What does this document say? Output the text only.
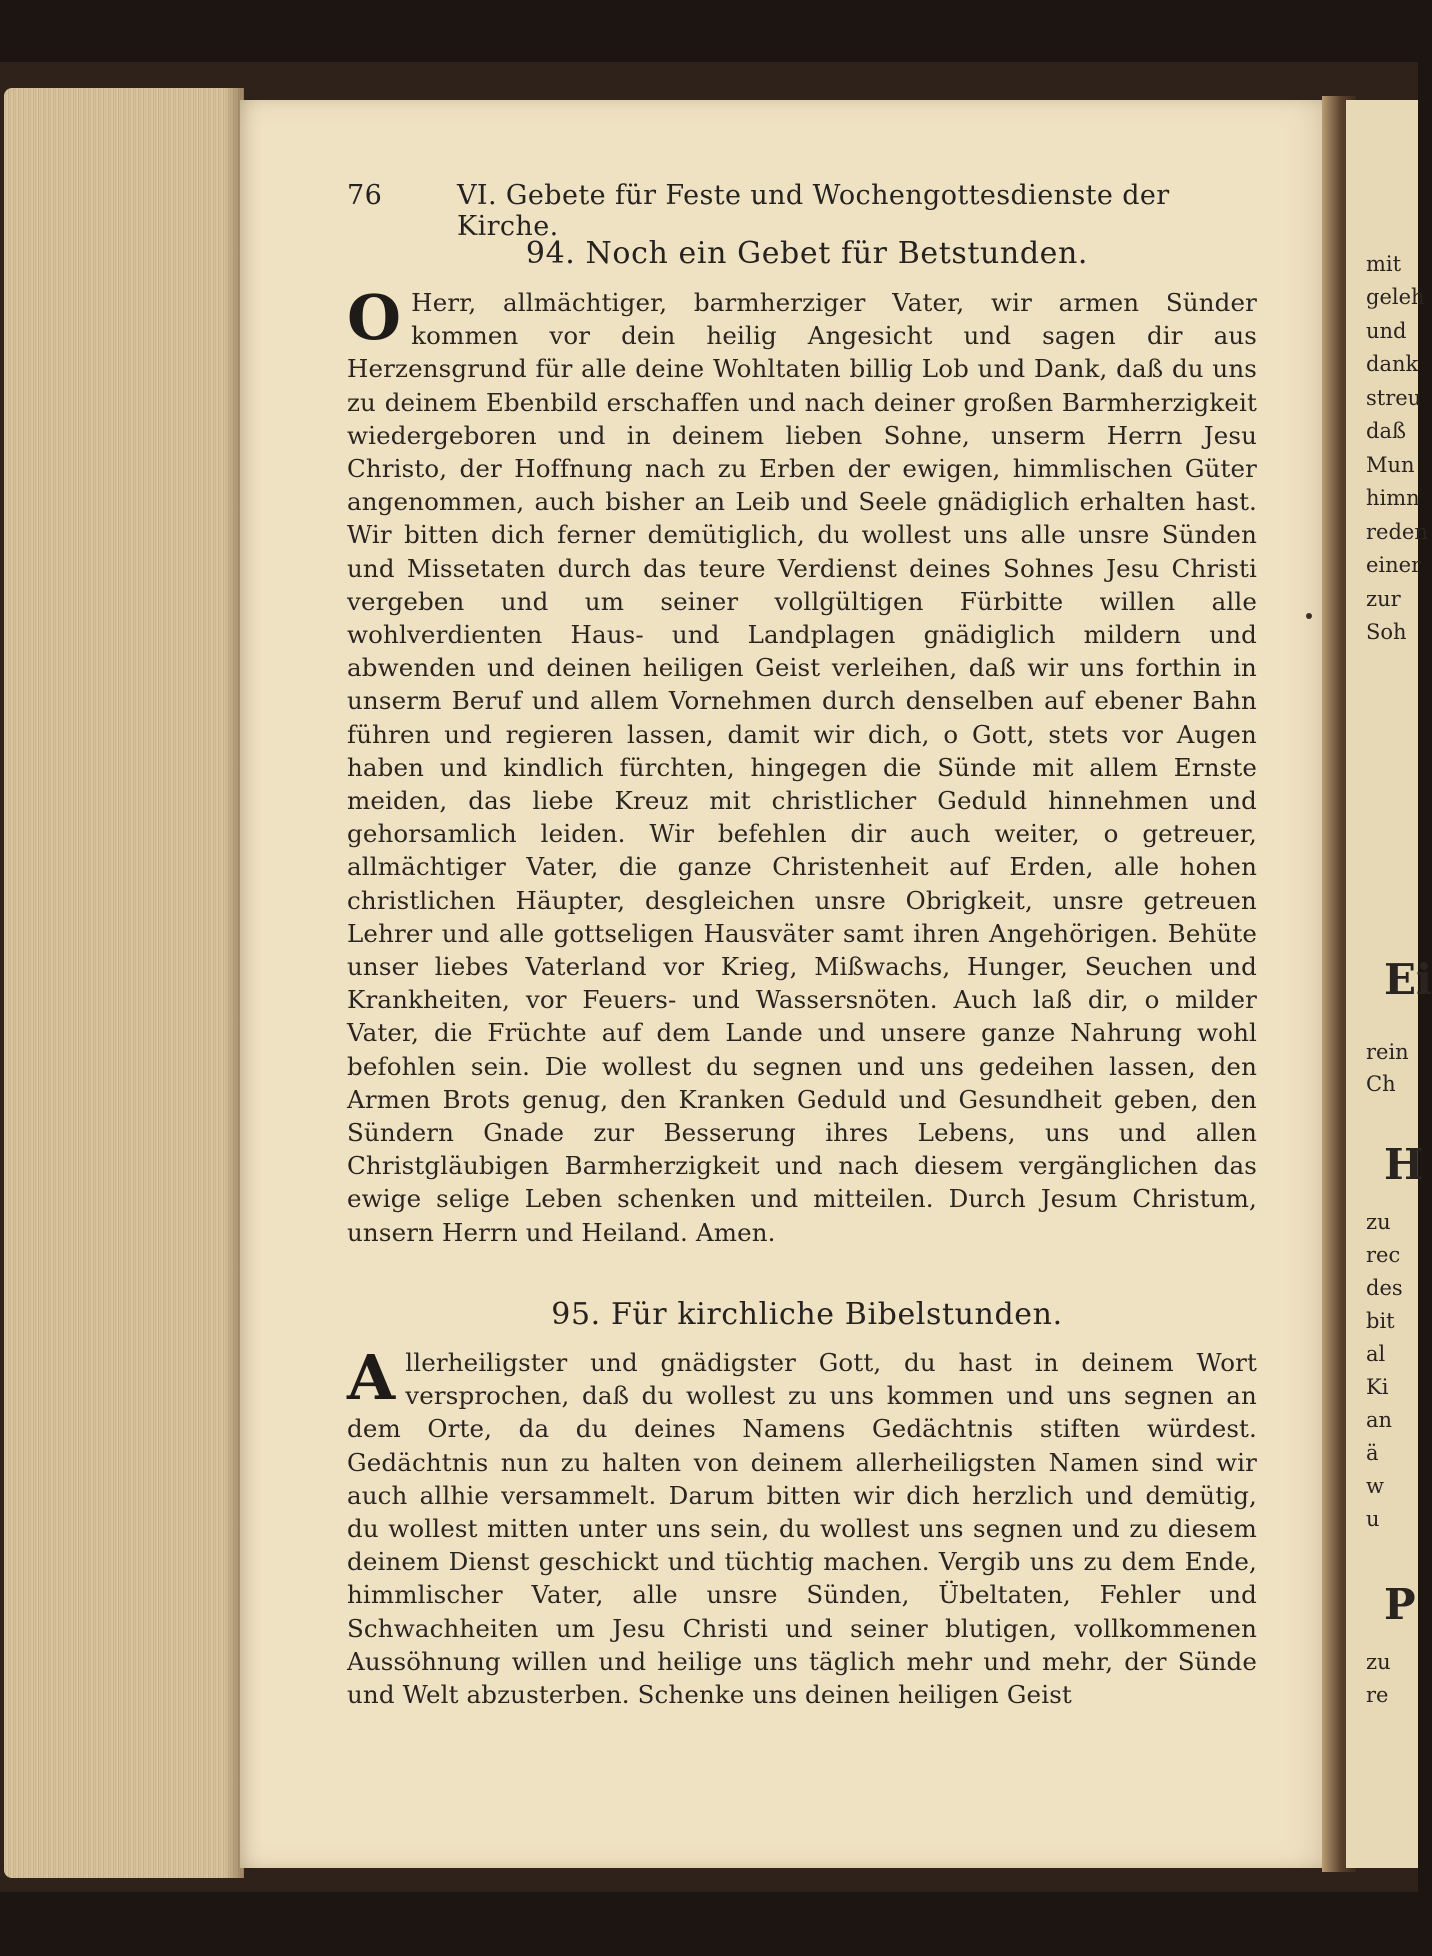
mit
geleh
und
dank
streu
daß
Mun
himn
reden
einer
zur
Soh
Ei
rein
Ch
H
zu
rec
des
bit
al
Ki
an
ä
w
u
P
zu
re
76	VI. Gebete für Feste und Wochengottesdienste der Kirche.
94. Noch ein Gebet für Betstunden.

O Herr, allmächtiger, barmherziger Vater, wir armen Sünder kommen vor dein heilig Angesicht und sagen dir aus Herzensgrund für alle deine Wohltaten billig Lob und Dank, daß du uns zu deinem Ebenbild erschaffen und nach deiner großen Barmherzigkeit wiedergeboren und in deinem lieben Sohne, unserm Herrn Jesu Christo, der Hoffnung nach zu Erben der ewigen, himmlischen Güter angenommen, auch bisher an Leib und Seele gnädiglich erhalten hast. Wir bitten dich ferner demütiglich, du wollest uns alle unsre Sünden und Missetaten durch das teure Verdienst deines Sohnes Jesu Christi vergeben und um seiner vollgültigen Fürbitte willen alle wohlverdienten Haus- und Landplagen gnädiglich mildern und abwenden und deinen heiligen Geist verleihen, daß wir uns forthin in unserm Beruf und allem Vornehmen durch denselben auf ebener Bahn führen und regieren lassen, damit wir dich, o Gott, stets vor Augen haben und kindlich fürchten, hingegen die Sünde mit allem Ernste meiden, das liebe Kreuz mit christlicher Geduld hinnehmen und gehorsamlich leiden. Wir befehlen dir auch weiter, o getreuer, allmächtiger Vater, die ganze Christenheit auf Erden, alle hohen christlichen Häupter, desgleichen unsre Obrigkeit, unsre getreuen Lehrer und alle gottseligen Hausväter samt ihren Angehörigen. Behüte unser liebes Vaterland vor Krieg, Mißwachs, Hunger, Seuchen und Krankheiten, vor Feuers- und Wassersnöten. Auch laß dir, o milder Vater, die Früchte auf dem Lande und unsere ganze Nahrung wohl befohlen sein. Die wollest du segnen und uns gedeihen lassen, den Armen Brots genug, den Kranken Geduld und Gesundheit geben, den Sündern Gnade zur Besserung ihres Lebens, uns und allen Christgläubigen Barmherzigkeit und nach diesem vergänglichen das ewige selige Leben schenken und mitteilen. Durch Jesum Christum, unsern Herrn und Heiland. Amen.

95. Für kirchliche Bibelstunden.

Allerheiligster und gnädigster Gott, du hast in deinem Wort versprochen, daß du wollest zu uns kommen und uns segnen an dem Orte, da du deines Namens Gedächtnis stiften würdest. Gedächtnis nun zu halten von deinem allerheiligsten Namen sind wir auch allhie versammelt. Darum bitten wir dich herzlich und demütig, du wollest mitten unter uns sein, du wollest uns segnen und zu diesem deinem Dienst geschickt und tüchtig machen. Vergib uns zu dem Ende, himmlischer Vater, alle unsre Sünden, Übeltaten, Fehler und Schwachheiten um Jesu Christi und seiner blutigen, vollkommenen Aussöhnung willen und heilige uns täglich mehr und mehr, der Sünde und Welt abzusterben. Schenke uns deinen heiligen Geist
